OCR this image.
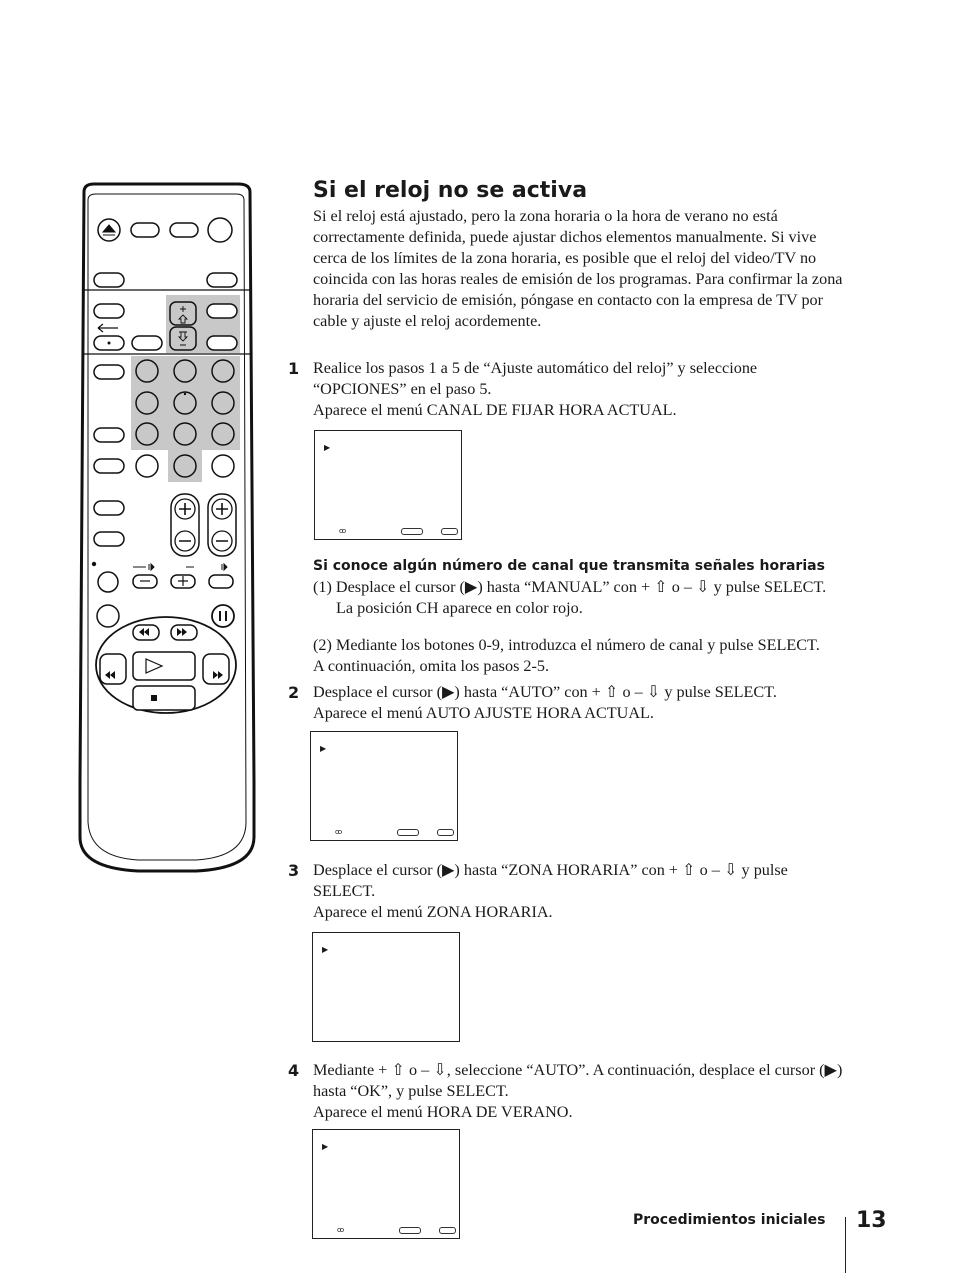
Si el reloj no se activa

Si el reloj está ajustado, pero la zona horaria o la hora de verano no está correctamente definida, puede ajustar dichos elementos manualmente. Si vive cerca de los límites de la zona horaria, es posible que el reloj del video/TV no coincida con las horas reales de emisión de los programas. Para confirmar la zona horaria del servicio de emisión, póngase en contacto con la empresa de TV por cable y ajuste el reloj acordemente.

1 Realice los pasos 1 a 5 de “Ajuste automático del reloj” y seleccione “OPCIONES” en el paso 5.

Aparece el menú CANAL DE FIJAR HORA ACTUAL.

▶
ꝏ
Si conoce algún número de canal que transmita señales horarias
(1) Desplace el cursor (▶) hasta “MANUAL” con + ⇧ o – ⇩ y pulse SELECT.
La posición CH aparece en color rojo.
(2) Mediante los botones 0-9, introduzca el número de canal y pulse SELECT. A continuación, omita los pasos 2-5.
2 Desplace el cursor (▶) hasta “AUTO” con + ⇧ o – ⇩ y pulse SELECT.

Aparece el menú AUTO AJUSTE HORA ACTUAL.

▶
ꝏ
3 Desplace el cursor (▶) hasta “ZONA HORARIA” con + ⇧ o – ⇩ y pulse SELECT.

Aparece el menú ZONA HORARIA.

▶
4 Mediante + ⇧ o – ⇩, seleccione “AUTO”. A continuación, desplace el cursor (▶) hasta “OK”, y pulse SELECT.

Aparece el menú HORA DE VERANO.

▶
ꝏ
Procedimientos iniciales 13
